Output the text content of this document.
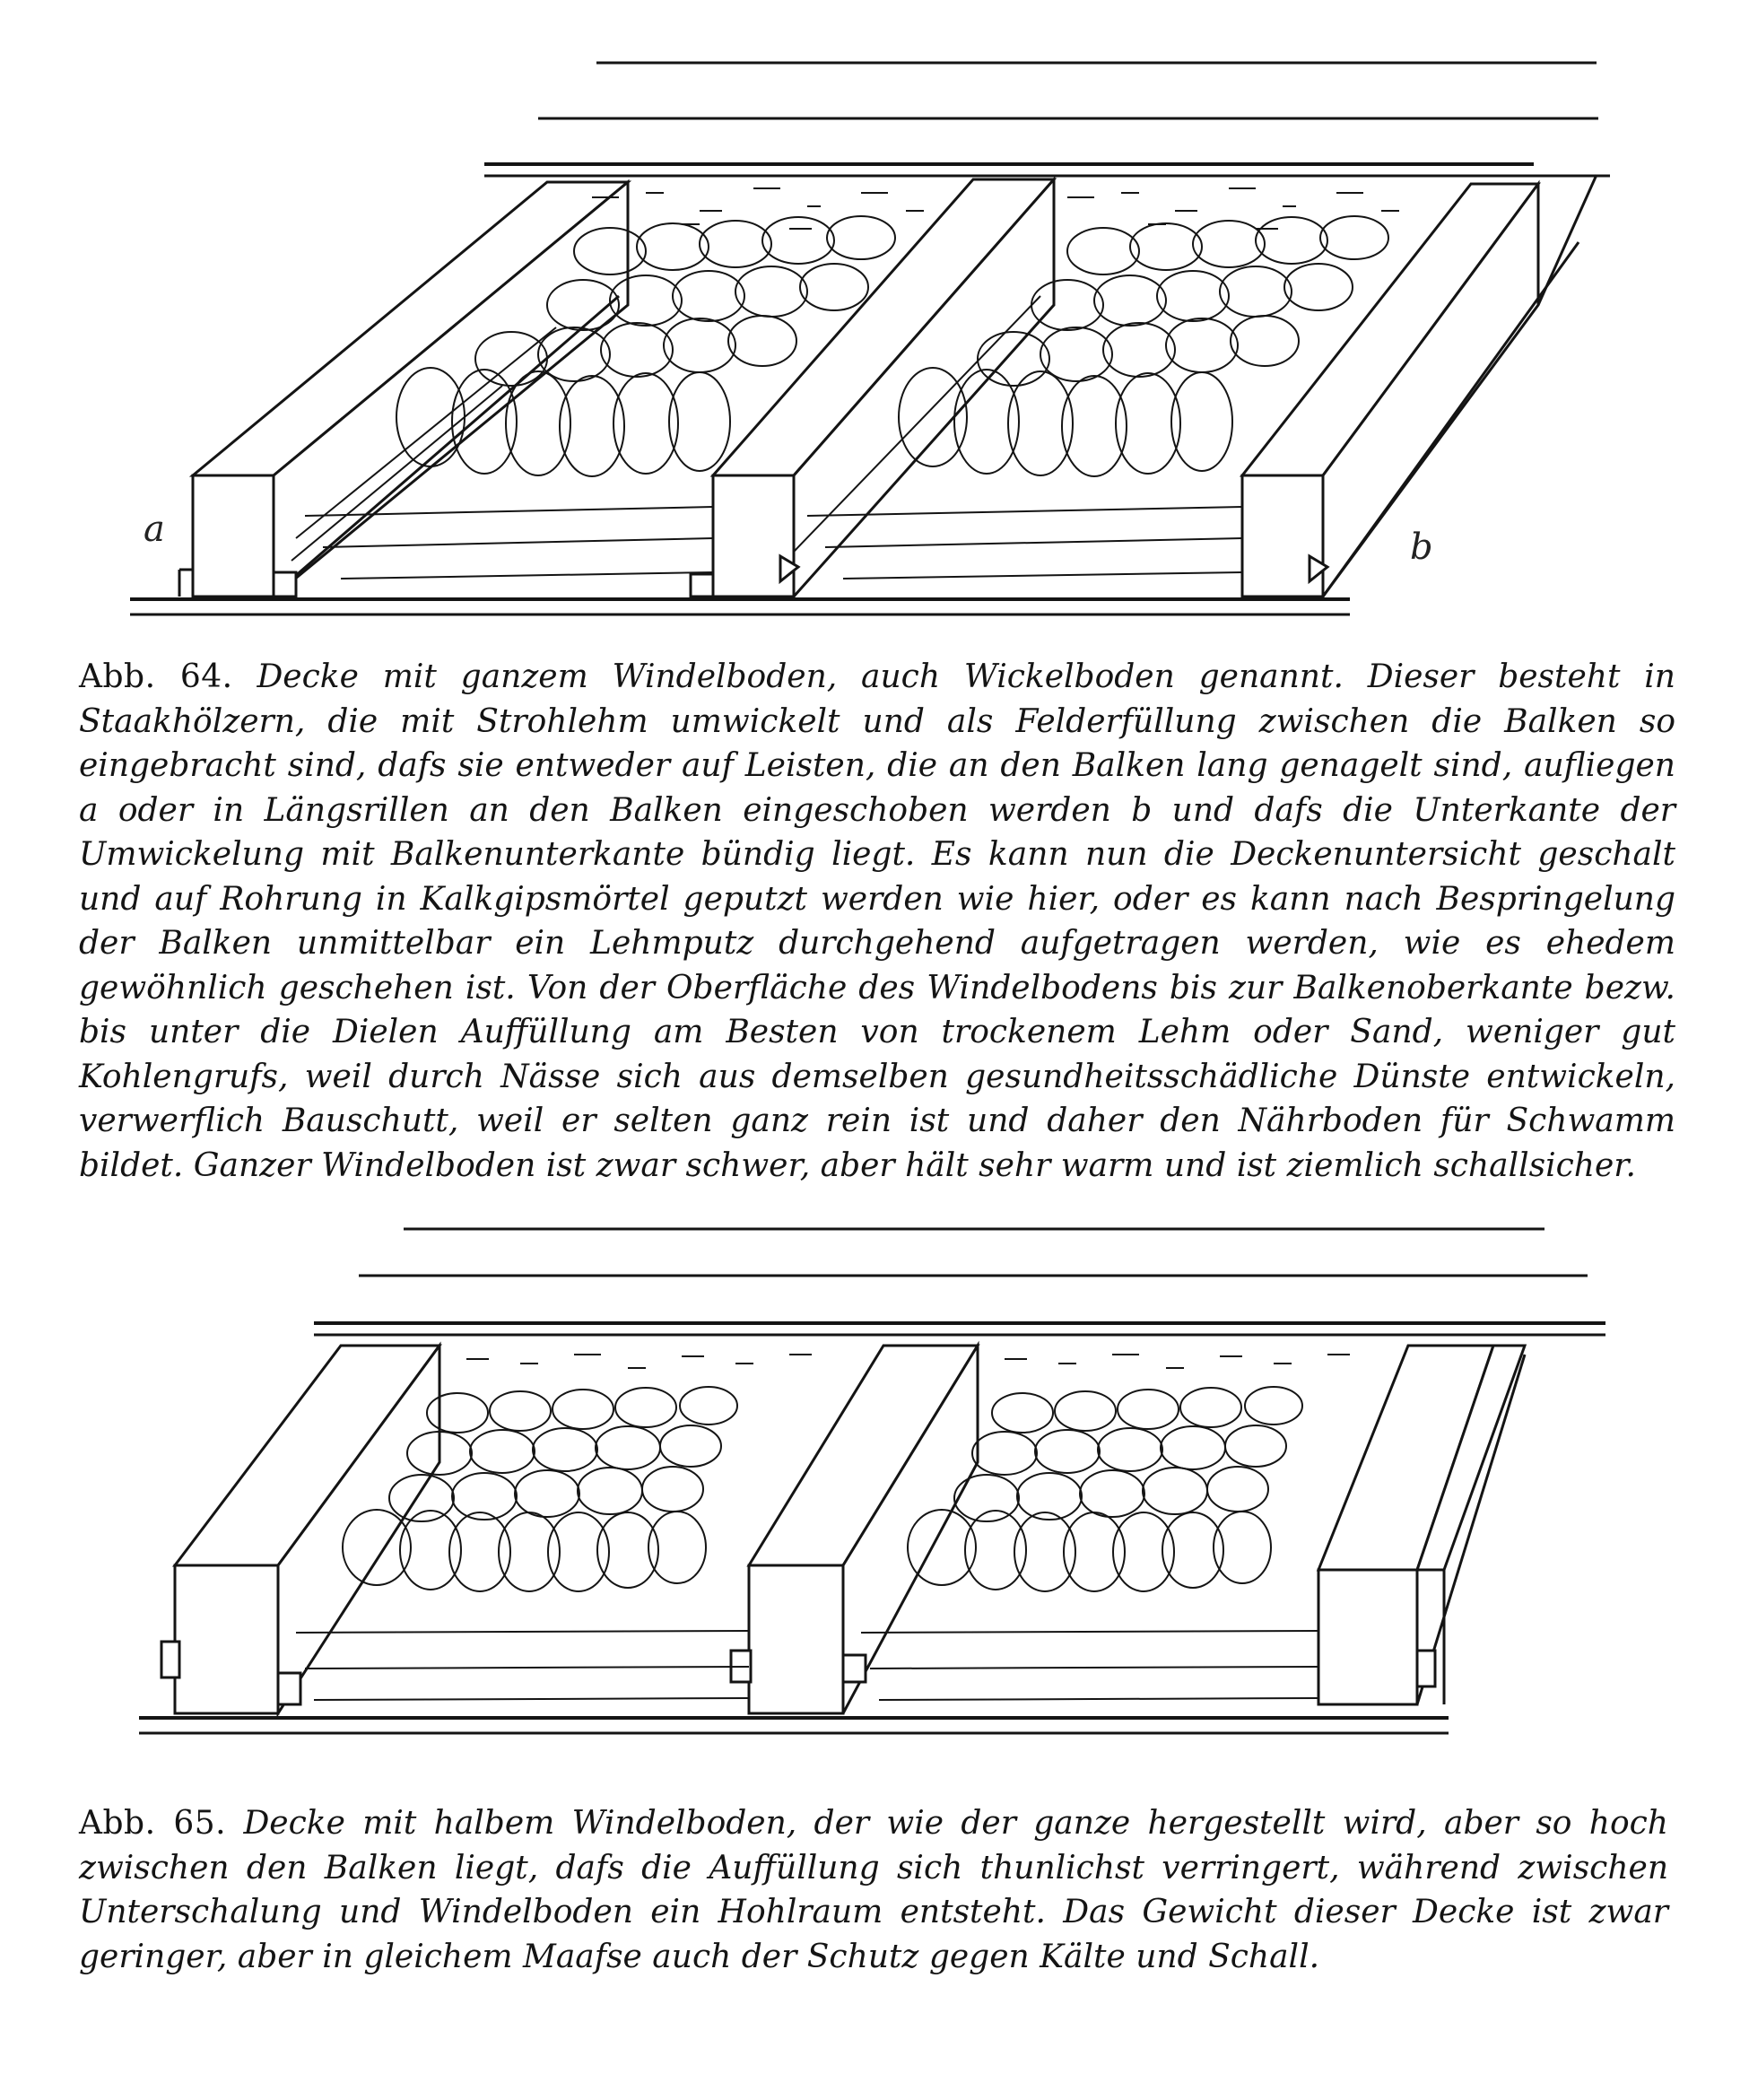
a	b
Abb. 64. Decke mit ganzem Windelboden, auch Wickelboden genannt. Dieser besteht in Staakhölzern, die mit Strohlehm umwickelt und als Felderfüllung zwischen die Balken so eingebracht sind, dafs sie entweder auf Leisten, die an den Balken lang genagelt sind, aufliegen a oder in Längsrillen an den Balken eingeschoben werden b und dafs die Unterkante der Umwickelung mit Balkenunterkante bündig liegt. Es kann nun die Deckenuntersicht geschalt und auf Rohrung in Kalkgipsmörtel geputzt werden wie hier, oder es kann nach Bespringelung der Balken unmittelbar ein Lehmputz durchgehend aufgetragen werden, wie es ehedem gewöhnlich geschehen ist. Von der Oberfläche des Windelbodens bis zur Balkenoberkante bezw. bis unter die Dielen Auffüllung am Besten von trockenem Lehm oder Sand, weniger gut Kohlengrufs, weil durch Nässe sich aus demselben gesundheitsschädliche Dünste entwickeln, verwerflich Bauschutt, weil er selten ganz rein ist und daher den Nährboden für Schwamm bildet. Ganzer Windelboden ist zwar schwer, aber hält sehr warm und ist ziemlich schallsicher.
Abb. 65. Decke mit halbem Windelboden, der wie der ganze hergestellt wird, aber so hoch zwischen den Balken liegt, dafs die Auffüllung sich thunlichst verringert, während zwischen Unterschalung und Windelboden ein Hohlraum entsteht. Das Gewicht dieser Decke ist zwar geringer, aber in gleichem Maafse auch der Schutz gegen Kälte und Schall.
